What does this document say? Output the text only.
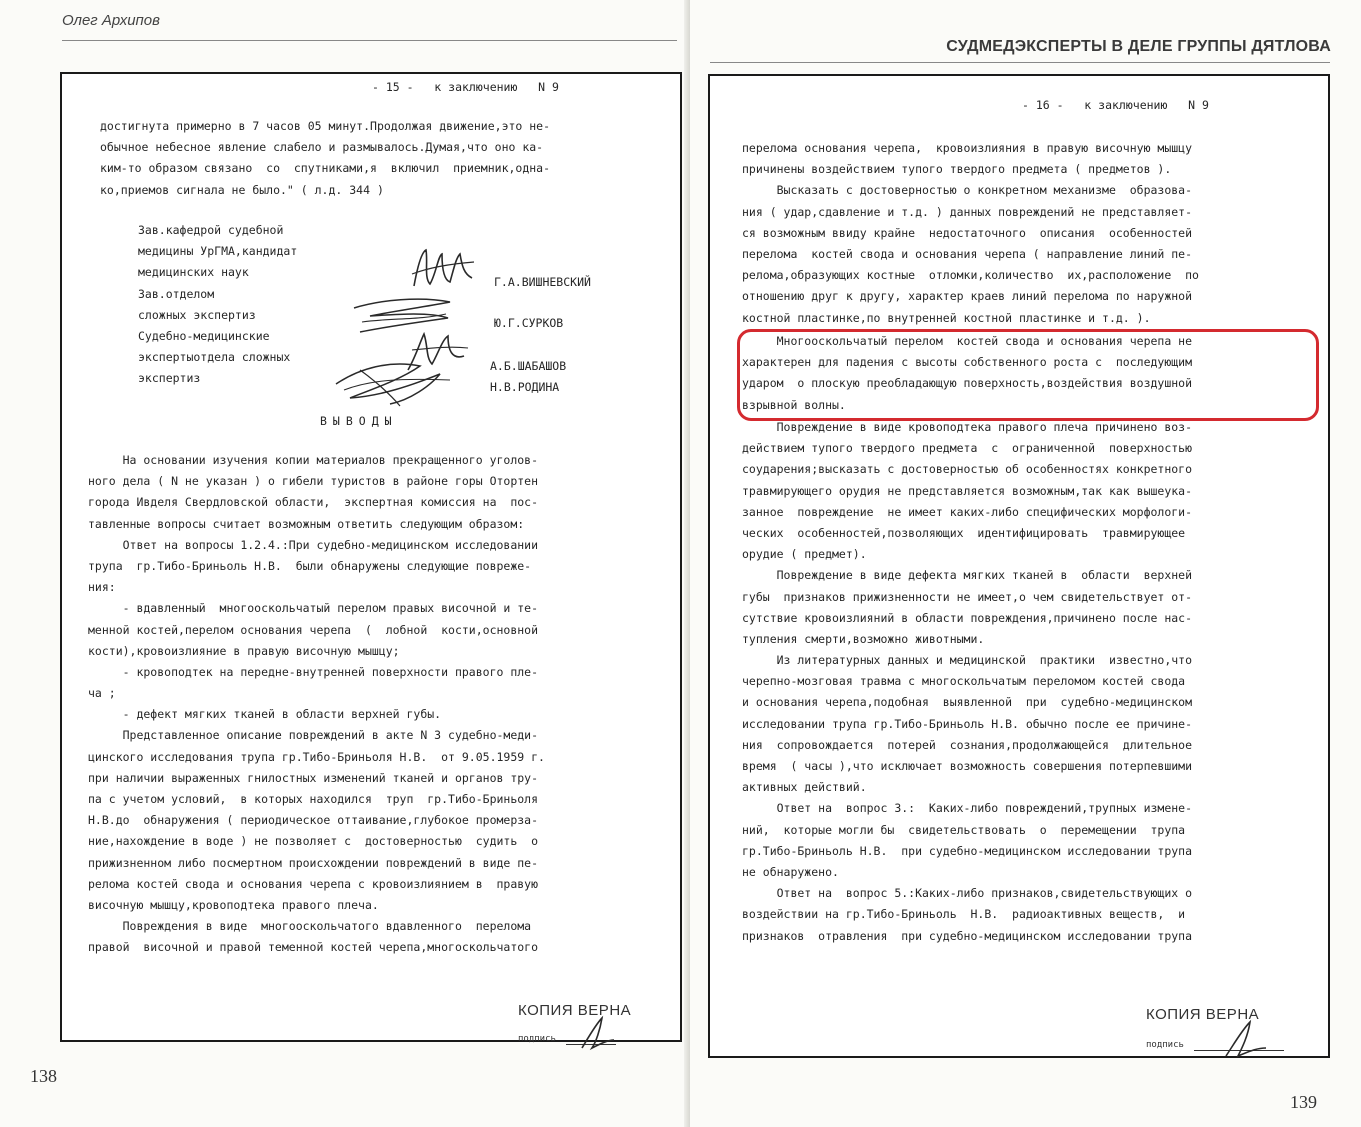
Олег Архипов
- 15 -   к заключению   N 9
достигнута примерно в 7 часов 05 минут.Продолжая движение,это не-
обычное небесное явление слабело и размывалось.Думая,что оно ка-
ким-то образом связано  со  спутниками,я  включил  приемник,одна-
ко,приемов сигнала не было." ( л.д. 344 )
Зав.кафедрой судебной
медицины УрГМА,кандидат
медицинских наук
Зав.отделом
сложных экспертиз
Судебно-медицинские
экспертыотдела сложных
экспертиз
Г.А.ВИШНЕВСКИЙ
Ю.Г.СУРКОВ
А.Б.ШАБАШОВ
Н.В.РОДИНА
ВЫВОДЫ
На основании изучения копии материалов прекращенного уголов-
ного дела ( N не указан ) о гибели туристов в районе горы Отортен
города Ивделя Свердловской области,  экспертная комиссия на  пос-
тавленные вопросы считает возможным ответить следующим образом:
Ответ на вопросы 1.2.4.:При судебно-медицинском исследовании
трупа  гр.Тибо-Бриньоль Н.В.  были обнаружены следующие повреже-
ния:
- вдавленный  многооскольчатый перелом правых височной и те-
менной костей,перелом основания черепа  (  лобной  кости,основной
кости),кровоизлияние в правую височную мышцу;
- кровоподтек на передне-внутренней поверхности правого пле-
ча ;
- дефект мягких тканей в области верхней губы.
Представленное описание повреждений в акте N 3 судебно-меди-
цинского исследования трупа гр.Тибо-Бриньоля Н.В.  от 9.05.1959 г.
при наличии выраженных гнилостных изменений тканей и органов тру-
па с учетом условий,  в которых находился  труп  гр.Тибо-Бриньоля
Н.В.до  обнаружения ( периодическое оттаивание,глубокое промерза-
ние,нахождение в воде ) не позволяет с  достоверностью  судить  о
прижизненном либо посмертном происхождении повреждений в виде пе-
релома костей свода и основания черепа с кровоизлиянием в  правую
височную мышцу,кровоподтека правого плеча.
Повреждения в виде  многооскольчатого вдавленного  перелома
правой  височной и правой теменной костей черепа,многоскольчатого
КОПИЯ ВЕРНА
подпись
138
СУДМЕДЭКСПЕРТЫ В ДЕЛЕ ГРУППЫ ДЯТЛОВА
- 16 -   к заключению   N 9
перелома основания черепа,  кровоизлияния в правую височную мышцу
причинены воздействием тупого твердого предмета ( предметов ).
Высказать с достоверностью о конкретном механизме  образова-
ния ( удар,сдавление и т.д. ) данных повреждений не представляет-
ся возможным ввиду крайне  недостаточного  описания  особенностей
перелома  костей свода и основания черепа ( направление линий пе-
релома,образующих костные  отломки,количество  их,расположение  по
отношению друг к другу, характер краев линий перелома по наружной
костной пластинке,по внутренней костной пластинке и т.д. ).
Многооскольчатый перелом  костей свода и основания черепа не
характерен для падения с высоты собственного роста с  последующим
ударом  о плоскую преобладающую поверхность,воздействия воздушной
взрывной волны.
Повреждение в виде кровоподтека правого плеча причинено воз-
действием тупого твердого предмета  с  ограниченной  поверхностью
соударения;высказать с достоверностью об особенностях конкретного
травмирующего орудия не представляется возможным,так как вышеука-
занное  повреждение  не имеет каких-либо специфических морфологи-
ческих  особенностей,позволяющих  идентифицировать  травмирующее
орудие ( предмет).
Повреждение в виде дефекта мягких тканей в  области  верхней
губы  признаков прижизненности не имеет,о чем свидетельствует от-
сутствие кровоизлияний в области повреждения,причинено после нас-
тупления смерти,возможно животными.
Из литературных данных и медицинской  практики  известно,что
черепно-мозговая травма с многоскольчатым переломом костей свода
и основания черепа,подобная  выявленной  при  судебно-медицинском
исследовании трупа гр.Тибо-Бриньоль Н.В. обычно после ее причине-
ния  сопровождается  потерей  сознания,продолжающейся  длительное
время  ( часы ),что исключает возможность совершения потерпевшими
активных действий.
Ответ на  вопрос 3.:  Каких-либо повреждений,трупных измене-
ний,  которые могли бы  свидетельствовать  о  перемещении  трупа
гр.Тибо-Бриньоль Н.В.  при судебно-медицинском исследовании трупа
не обнаружено.
Ответ на  вопрос 5.:Каких-либо признаков,свидетельствующих о
воздействии на гр.Тибо-Бриньоль  Н.В.  радиоактивных веществ,  и
признаков  отравления  при судебно-медицинском исследовании трупа
КОПИЯ ВЕРНА
подпись
139
